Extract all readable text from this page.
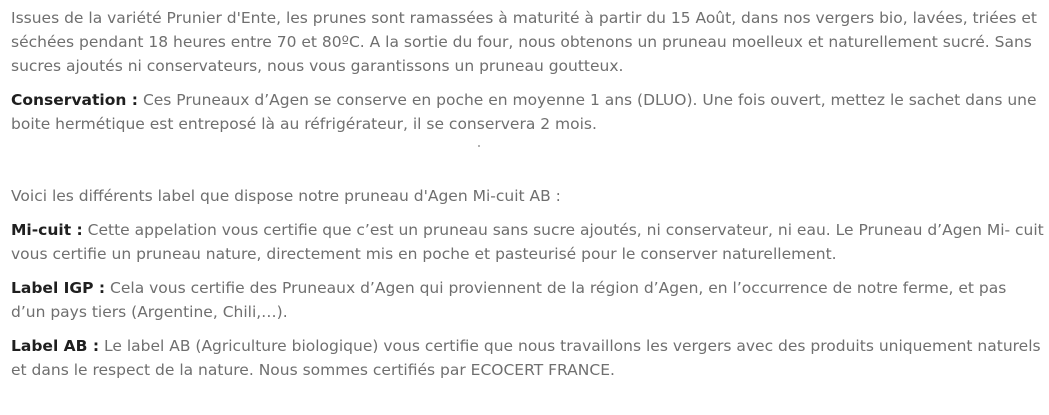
Issues de la variété Prunier d'Ente, les prunes sont ramassées à maturité à partir du 15 Août, dans nos vergers bio, lavées, triées et séchées pendant 18 heures entre 70 et 80ºC. A la sortie du four, nous obtenons un pruneau moelleux et naturellement sucré. Sans sucres ajoutés ni conservateurs, nous vous garantissons un pruneau goutteux.

Conservation : Ces Pruneaux d’Agen se conserve en poche en moyenne 1 ans (DLUO). Une fois ouvert, mettez le sachet dans une boite hermétique est entreposé là au réfrigérateur, il se conservera 2 mois.

Voici les différents label que dispose notre pruneau d'Agen Mi-cuit AB :

Mi-cuit : Cette appelation vous certifie que c’est un pruneau sans sucre ajoutés, ni conservateur, ni eau. Le Pruneau d’Agen Mi- cuit vous certifie un pruneau nature, directement mis en poche et pasteurisé pour le conserver naturellement.

Label IGP : Cela vous certifie des Pruneaux d’Agen qui proviennent de la région d’Agen, en l’occurrence de notre ferme, et pas d’un pays tiers (Argentine, Chili,…).

Label AB : Le label AB (Agriculture biologique) vous certifie que nous travaillons les vergers avec des produits uniquement naturels et dans le respect de la nature. Nous sommes certifiés par ECOCERT FRANCE.
